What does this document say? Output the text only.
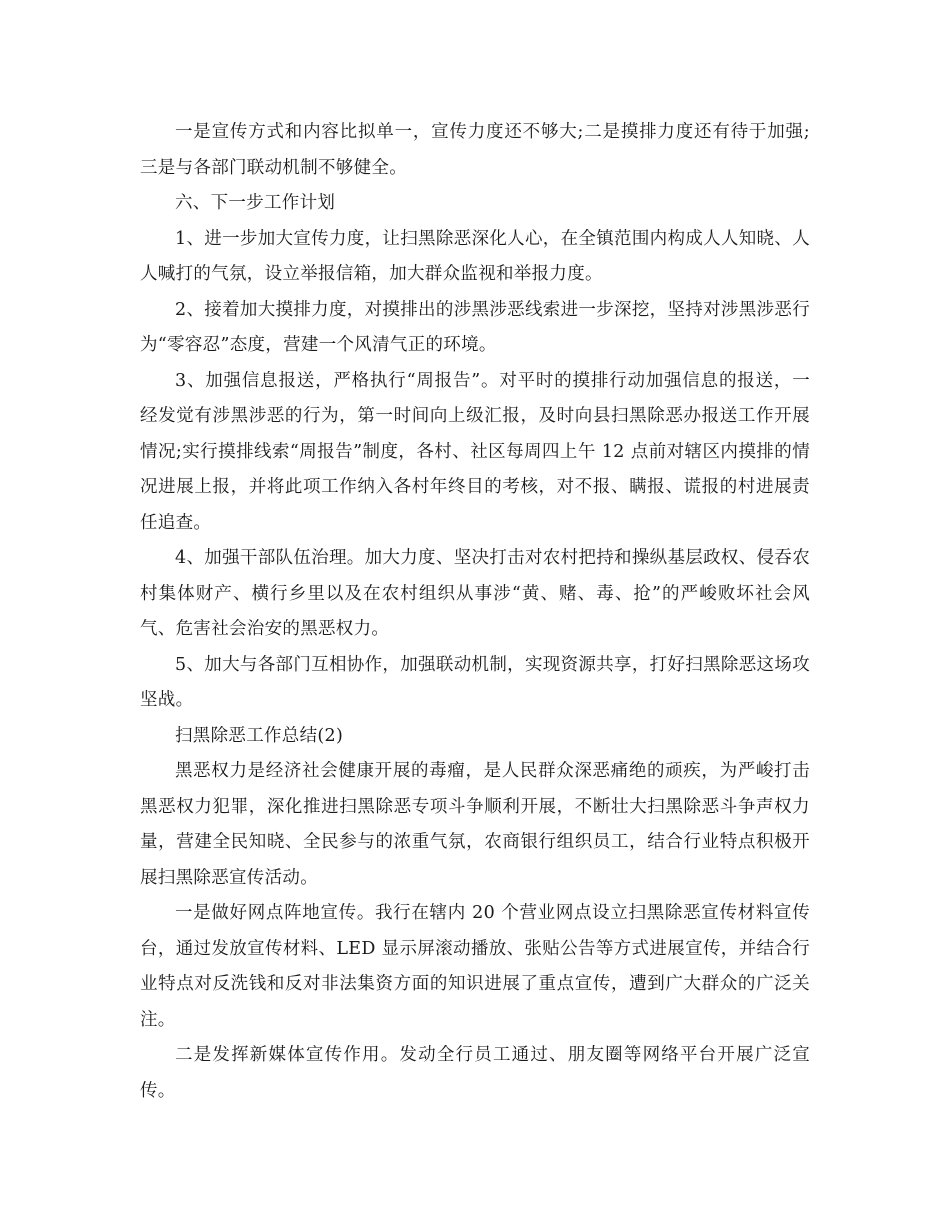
一是宣传方式和内容比拟单一，宣传力度还不够大;二是摸排力度还有待于加强;三是与各部门联动机制不够健全。

六、下一步工作计划

1、进一步加大宣传力度，让扫黑除恶深化人心，在全镇范围内构成人人知晓、人人喊打的气氛，设立举报信箱，加大群众监视和举报力度。

2、接着加大摸排力度，对摸排出的涉黑涉恶线索进一步深挖，坚持对涉黑涉恶行为“零容忍”态度，营建一个风清气正的环境。

3、加强信息报送，严格执行“周报告”。对平时的摸排行动加强信息的报送，一经发觉有涉黑涉恶的行为，第一时间向上级汇报，及时向县扫黑除恶办报送工作开展情况;实行摸排线索“周报告”制度，各村、社区每周四上午 12 点前对辖区内摸排的情况进展上报，并将此项工作纳入各村年终目的考核，对不报、瞒报、谎报的村进展责任追查。

4、加强干部队伍治理。加大力度、坚决打击对农村把持和操纵基层政权、侵吞农村集体财产、横行乡里以及在农村组织从事涉“黄、赌、毒、抢”的严峻败坏社会风气、危害社会治安的黑恶权力。

5、加大与各部门互相协作，加强联动机制，实现资源共享，打好扫黑除恶这场攻坚战。

扫黑除恶工作总结(2)

黑恶权力是经济社会健康开展的毒瘤，是人民群众深恶痛绝的顽疾，为严峻打击黑恶权力犯罪，深化推进扫黑除恶专项斗争顺利开展，不断壮大扫黑除恶斗争声权力量，营建全民知晓、全民参与的浓重气氛，农商银行组织员工，结合行业特点积极开展扫黑除恶宣传活动。

一是做好网点阵地宣传。我行在辖内 20 个营业网点设立扫黑除恶宣传材料宣传台，通过发放宣传材料、LED 显示屏滚动播放、张贴公告等方式进展宣传，并结合行业特点对反洗钱和反对非法集资方面的知识进展了重点宣传，遭到广大群众的广泛关注。

二是发挥新媒体宣传作用。发动全行员工通过、朋友圈等网络平台开展广泛宣传。
